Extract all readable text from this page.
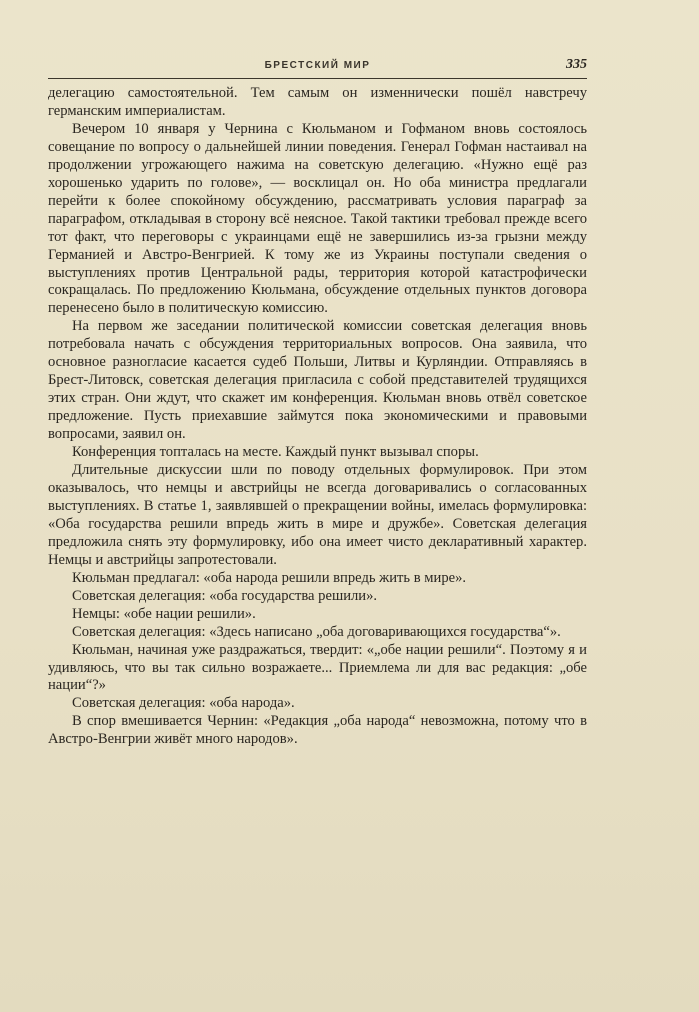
БРЕСТСКИЙ МИР	335

делегацию самостоятельной. Тем самым он изменнически пошёл навстречу германским империалистам.

Вечером 10 января у Чернина с Кюльманом и Гофманом вновь состоялось совещание по вопросу о дальнейшей линии поведения. Генерал Гофман настаивал на продолжении угрожающего нажима на советскую делегацию. «Нужно ещё раз хорошенько ударить по голове», — восклицал он. Но оба министра предлагали перейти к более спокойному обсуждению, рассматривать условия параграф за параграфом, откладывая в сторону всё неясное. Такой тактики требовал прежде всего тот факт, что переговоры с украинцами ещё не завершились из-за грызни между Германией и Австро-Венгрией. К тому же из Украины поступали сведения о выступлениях против Центральной рады, территория которой катастрофически сокращалась. По предложению Кюльмана, обсуждение отдельных пунктов договора перенесено было в политическую комиссию.

На первом же заседании политической комиссии советская делегация вновь потребовала начать с обсуждения территориальных вопросов. Она заявила, что основное разногласие касается судеб Польши, Литвы и Курляндии. Отправляясь в Брест-Литовск, советская делегация пригласила с собой представителей трудящихся этих стран. Они ждут, что скажет им конференция. Кюльман вновь отвёл советское предложение. Пусть приехавшие займутся пока экономическими и правовыми вопросами, заявил он.

Конференция топталась на месте. Каждый пункт вызывал споры.

Длительные дискуссии шли по поводу отдельных формулировок. При этом оказывалось, что немцы и австрийцы не всегда договаривались о согласованных выступлениях. В статье 1, заявлявшей о прекращении войны, имелась формулировка: «Оба государства решили впредь жить в мире и дружбе». Советская делегация предложила снять эту формулировку, ибо она имеет чисто декларативный характер. Немцы и австрийцы запротестовали.

Кюльман предлагал: «оба народа решили впредь жить в мире».

Советская делегация: «оба государства решили».

Немцы: «обе нации решили».

Советская делегация: «Здесь написано „оба договаривающихся государства“».

Кюльман, начиная уже раздражаться, твердит: «„обе нации решили“. Поэтому я и удивляюсь, что вы так сильно возражаете... Приемлема ли для вас редакция: „обе нации“?»

Советская делегация: «оба народа».

В спор вмешивается Чернин: «Редакция „оба народа“ невозможна, потому что в Австро-Венгрии живёт много народов».
